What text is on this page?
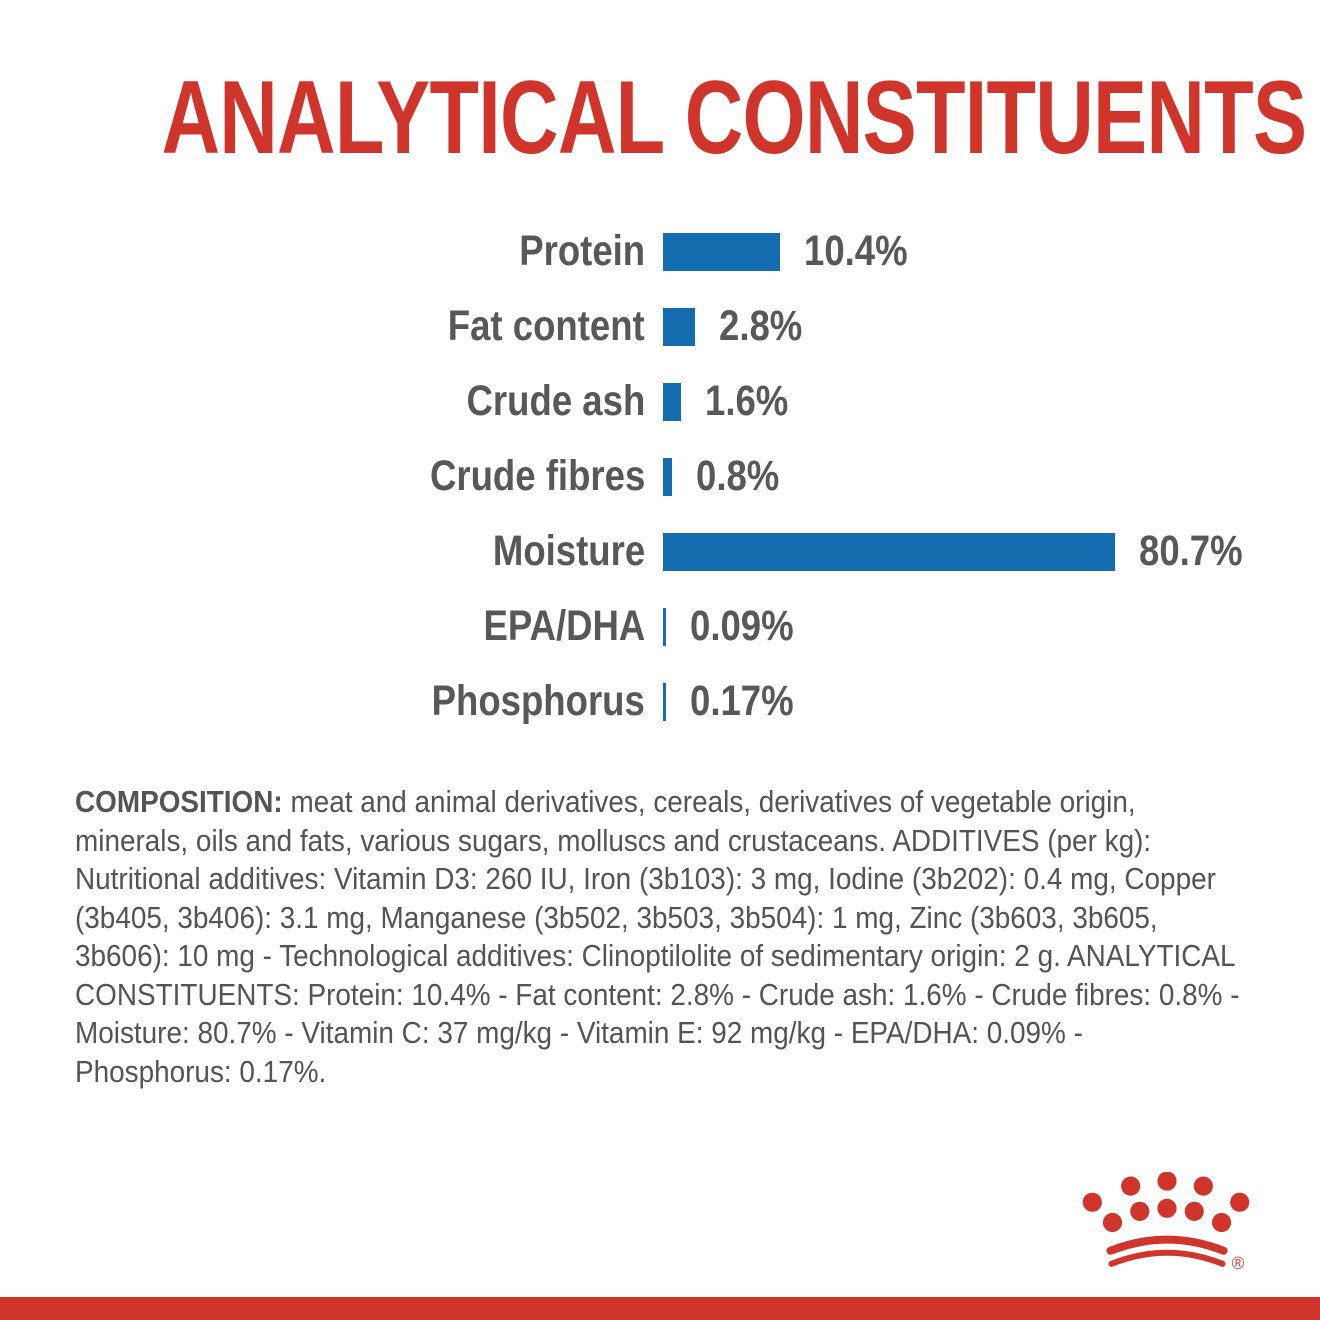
ANALYTICAL CONSTITUENTS
Protein	10.4%
Fat content	2.8%
Crude ash	1.6%
Crude fibres	0.8%
Moisture	80.7%
EPA/DHA	0.09%
Phosphorus	0.17%

COMPOSITION: meat and animal derivatives, cereals, derivatives of vegetable origin, minerals, oils and fats, various sugars, molluscs and crustaceans. ADDITIVES (per kg): Nutritional additives: Vitamin D3: 260 IU, Iron (3b103): 3 mg, Iodine (3b202): 0.4 mg, Copper (3b405, 3b406): 3.1 mg, Manganese (3b502, 3b503, 3b504): 1 mg, Zinc (3b603, 3b605, 3b606): 10 mg - Technological additives: Clinoptilolite of sedimentary origin: 2 g. ANALYTICAL CONSTITUENTS: Protein: 10.4% - Fat content: 2.8% - Crude ash: 1.6% - Crude fibres: 0.8% - Moisture: 80.7% - Vitamin C: 37 mg/kg - Vitamin E: 92 mg/kg - EPA/DHA: 0.09% - Phosphorus: 0.17%.

®
